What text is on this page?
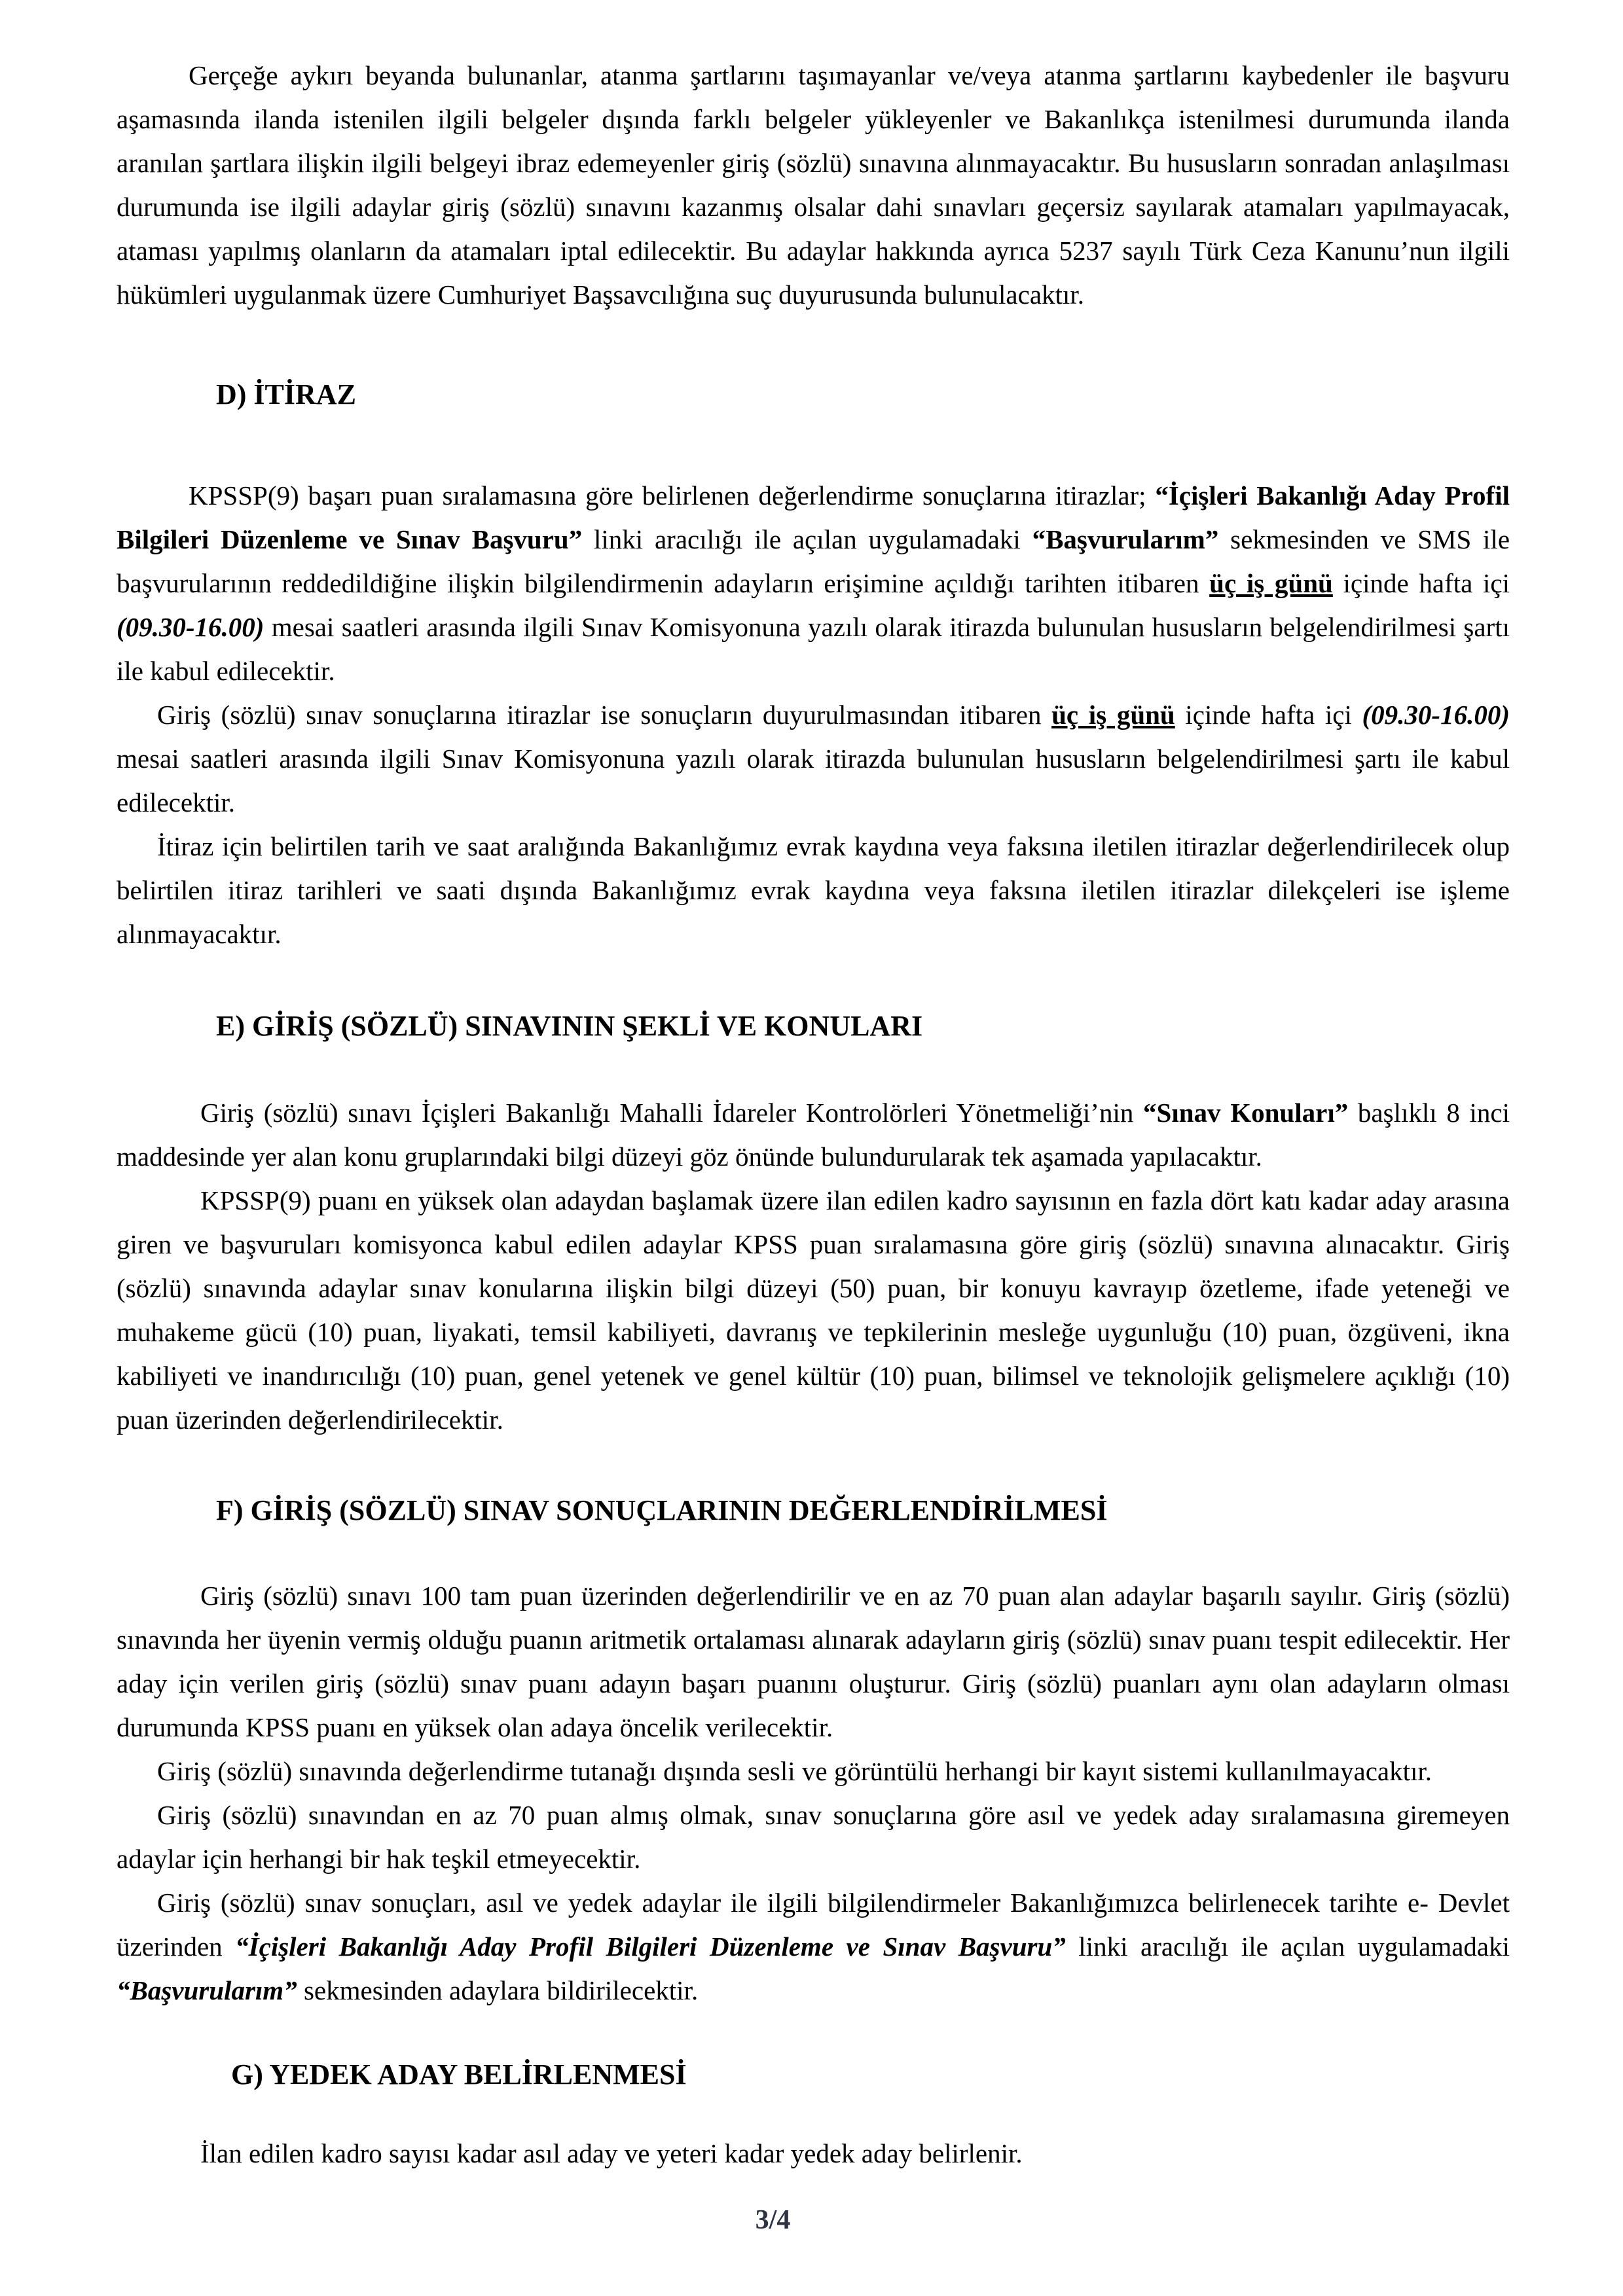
Gerçeğe aykırı beyanda bulunanlar, atanma şartlarını taşımayanlar ve/veya atanma şartlarını kaybedenler ile başvuru aşamasında ilanda istenilen ilgili belgeler dışında farklı belgeler yükleyenler ve Bakanlıkça istenilmesi durumunda ilanda aranılan şartlara ilişkin ilgili belgeyi ibraz edemeyenler giriş (sözlü) sınavına alınmayacaktır. Bu hususların sonradan anlaşılması durumunda ise ilgili adaylar giriş (sözlü) sınavını kazanmış olsalar dahi sınavları geçersiz sayılarak atamaları yapılmayacak, ataması yapılmış olanların da atamaları iptal edilecektir. Bu adaylar hakkında ayrıca 5237 sayılı Türk Ceza Kanunu’nun ilgili hükümleri uygulanmak üzere Cumhuriyet Başsavcılığına suç duyurusunda bulunulacaktır.

D) İTİRAZ

KPSSP(9) başarı puan sıralamasına göre belirlenen değerlendirme sonuçlarına itirazlar; “İçişleri Bakanlığı Aday Profil Bilgileri Düzenleme ve Sınav Başvuru” linki aracılığı ile açılan uygulamadaki “Başvurularım” sekmesinden ve SMS ile başvurularının reddedildiğine ilişkin bilgilendirmenin adayların erişimine açıldığı tarihten itibaren üç iş günü içinde hafta içi (09.30-16.00) mesai saatleri arasında ilgili Sınav Komisyonuna yazılı olarak itirazda bulunulan hususların belgelendirilmesi şartı ile kabul edilecektir.

Giriş (sözlü) sınav sonuçlarına itirazlar ise sonuçların duyurulmasından itibaren üç iş günü içinde hafta içi (09.30-16.00) mesai saatleri arasında ilgili Sınav Komisyonuna yazılı olarak itirazda bulunulan hususların belgelendirilmesi şartı ile kabul edilecektir.

İtiraz için belirtilen tarih ve saat aralığında Bakanlığımız evrak kaydına veya faksına iletilen itirazlar değerlendirilecek olup belirtilen itiraz tarihleri ve saati dışında Bakanlığımız evrak kaydına veya faksına iletilen itirazlar dilekçeleri ise işleme alınmayacaktır.

E) GİRİŞ (SÖZLÜ) SINAVININ ŞEKLİ VE KONULARI

Giriş (sözlü) sınavı İçişleri Bakanlığı Mahalli İdareler Kontrolörleri Yönetmeliği’nin “Sınav Konuları” başlıklı 8 inci maddesinde yer alan konu gruplarındaki bilgi düzeyi göz önünde bulundurularak tek aşamada yapılacaktır.

KPSSP(9) puanı en yüksek olan adaydan başlamak üzere ilan edilen kadro sayısının en fazla dört katı kadar aday arasına giren ve başvuruları komisyonca kabul edilen adaylar KPSS puan sıralamasına göre giriş (sözlü) sınavına alınacaktır. Giriş (sözlü) sınavında adaylar sınav konularına ilişkin bilgi düzeyi (50) puan, bir konuyu kavrayıp özetleme, ifade yeteneği ve muhakeme gücü (10) puan, liyakati, temsil kabiliyeti, davranış ve tepkilerinin mesleğe uygunluğu (10) puan, özgüveni, ikna kabiliyeti ve inandırıcılığı (10) puan, genel yetenek ve genel kültür (10) puan, bilimsel ve teknolojik gelişmelere açıklığı (10) puan üzerinden değerlendirilecektir.

F) GİRİŞ (SÖZLÜ) SINAV SONUÇLARININ DEĞERLENDİRİLMESİ

Giriş (sözlü) sınavı 100 tam puan üzerinden değerlendirilir ve en az 70 puan alan adaylar başarılı sayılır. Giriş (sözlü) sınavında her üyenin vermiş olduğu puanın aritmetik ortalaması alınarak adayların giriş (sözlü) sınav puanı tespit edilecektir. Her aday için verilen giriş (sözlü) sınav puanı adayın başarı puanını oluşturur. Giriş (sözlü) puanları aynı olan adayların olması durumunda KPSS puanı en yüksek olan adaya öncelik verilecektir.

Giriş (sözlü) sınavında değerlendirme tutanağı dışında sesli ve görüntülü herhangi bir kayıt sistemi kullanılmayacaktır.

Giriş (sözlü) sınavından en az 70 puan almış olmak, sınav sonuçlarına göre asıl ve yedek aday sıralamasına giremeyen adaylar için herhangi bir hak teşkil etmeyecektir.

Giriş (sözlü) sınav sonuçları, asıl ve yedek adaylar ile ilgili bilgilendirmeler Bakanlığımızca belirlenecek tarihte e- Devlet üzerinden “İçişleri Bakanlığı Aday Profil Bilgileri Düzenleme ve Sınav Başvuru” linki aracılığı ile açılan uygulamadaki “Başvurularım” sekmesinden adaylara bildirilecektir.

G) YEDEK ADAY BELİRLENMESİ

İlan edilen kadro sayısı kadar asıl aday ve yeteri kadar yedek aday belirlenir.

3/4
